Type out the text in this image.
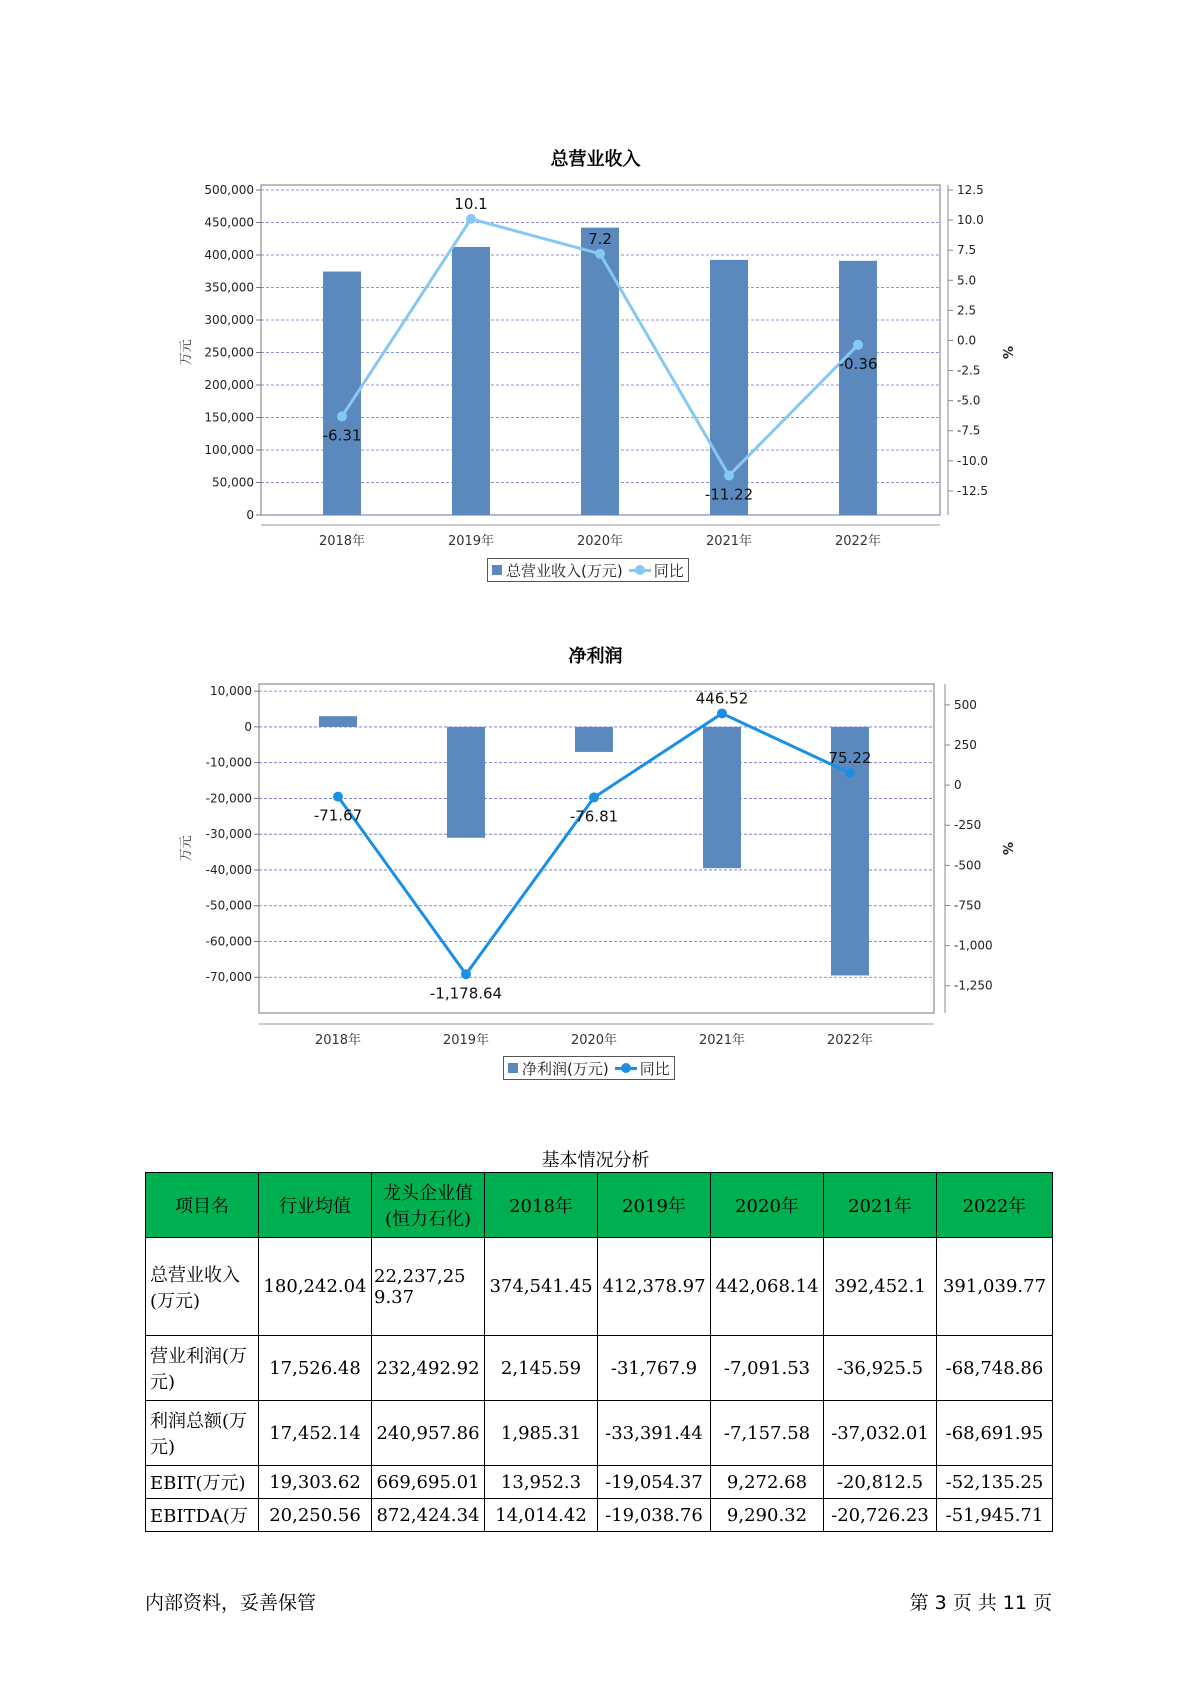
总营业收入
0
50,000
100,000
150,000
200,000
250,000
300,000
350,000
400,000
450,000
500,000
-12.5
-10.0
-7.5
-5.0
-2.5
0.0
2.5
5.0
7.5
10.0
12.5
万元	%
2018年	2019年	2020年	2021年	2022年
-6.31
10.1
7.2
-11.22
-0.36
总营业收入(万元) 同比
净利润
10,000
0
-10,000
-20,000
-30,000
-40,000
-50,000
-60,000
-70,000
500
250
0
-250
-500
-750
-1,000
-1,250
万元	%
2018年	2019年	2020年	2021年	2022年
-71.67
-1,178.64
-76.81
446.52
75.22
净利润(万元) 同比
基本情况分析
项目名	行业均值	龙头企业值(恒力石化)	2018年	2019年	2020年	2021年	2022年
总营业收入(万元)	180,242.04	22,237,259.37	374,541.45	412,378.97	442,068.14	392,452.1	391,039.77
营业利润(万元)	17,526.48	232,492.92	2,145.59	-31,767.9	-7,091.53	-36,925.5	-68,748.86
利润总额(万元)	17,452.14	240,957.86	1,985.31	-33,391.44	-7,157.58	-37,032.01	-68,691.95
EBIT(万元)	19,303.62	669,695.01	13,952.3	-19,054.37	9,272.68	-20,812.5	-52,135.25
EBITDA(万	20,250.56	872,424.34	14,014.42	-19,038.76	9,290.32	-20,726.23	-51,945.71
内部资料，妥善保管	第 3 页 共 11 页
